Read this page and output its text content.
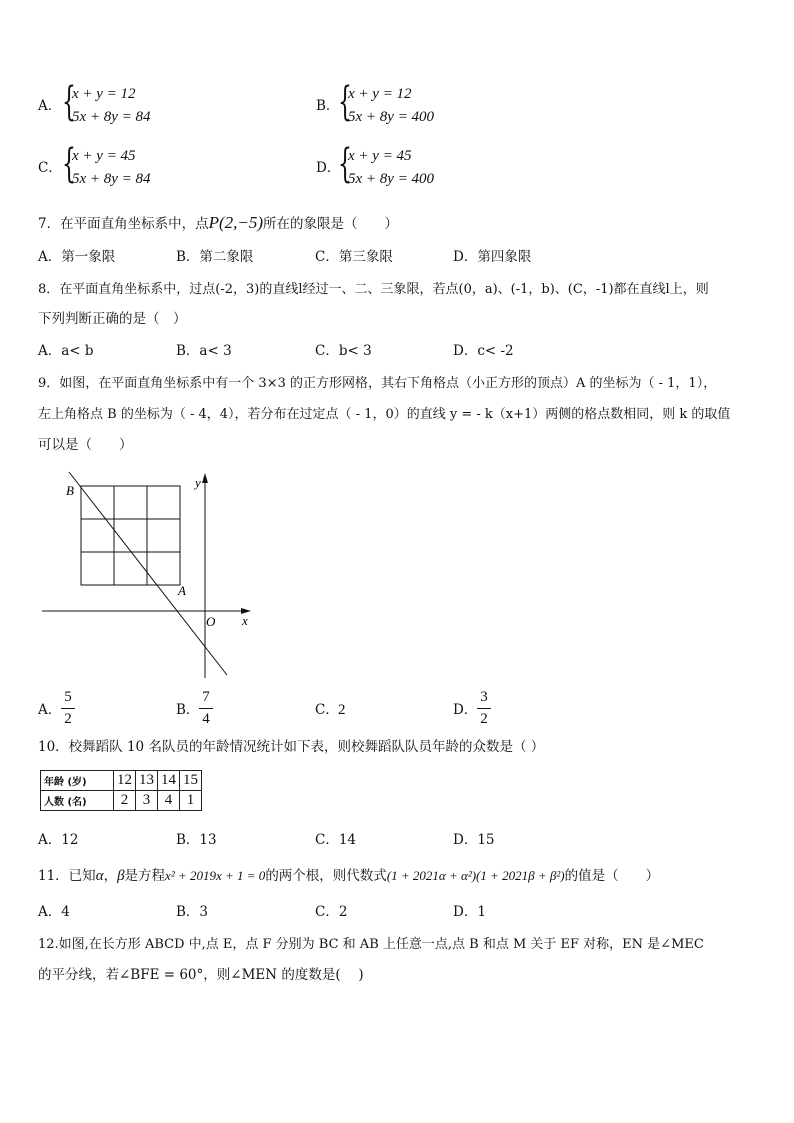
A． {
x + y = 12
5x + 8y = 84
B．
{
x + y = 12
5x + 8y = 400
C． {
x + y = 45
5x + 8y = 84
D．
{
x + y = 45
5x + 8y = 400
7．在平面直角坐标系中，点P(2,−5)所在的象限是（　　）
A．第一象限	B．第二象限	C．第三象限	D．第四象限
8．在平面直角坐标系中，过点(-2，3)的直线l经过一、二、三象限，若点(0，a)、(-1，b)、(C，-1)都在直线l上，则
下列判断正确的是（　）
A．a< b	B．a< 3	C．b< 3	D．c< -2
9．如图，在平面直角坐标系中有一个 3×3 的正方形网格，其右下角格点（小正方形的顶点）A 的坐标为（ - 1，1），
左上角格点 B 的坐标为（ - 4，4），若分布在过定点（ - 1，0）的直线 y = - k（x+1）两侧的格点数相同，则 k 的取值
可以是（　　）
B
A
O x
y
A．
5
2
B．
7
4
C． 2	D．
3
2
10．校舞蹈队 10 名队员的年龄情况统计如下表，则校舞蹈队队员年龄的众数是（ ）
年龄 (岁)	12	13	14	15
人数 (名)	2	3	4	1
A．12	B．13	C．14	D．15
11．已知α，β是方程x² + 2019x + 1 = 0的两个根，则代数式(1 + 2021α + α²)(1 + 2021β + β²)的值是（　　）
A．4	B．3	C．2	D．1
12.如图,在长方形 ABCD 中,点 E，点 F 分别为 BC 和 AB 上任意一点,点 B 和点 M 关于 EF 对称，EN 是∠MEC
的平分线，若∠BFE = 60°，则∠MEN 的度数是(　 )
